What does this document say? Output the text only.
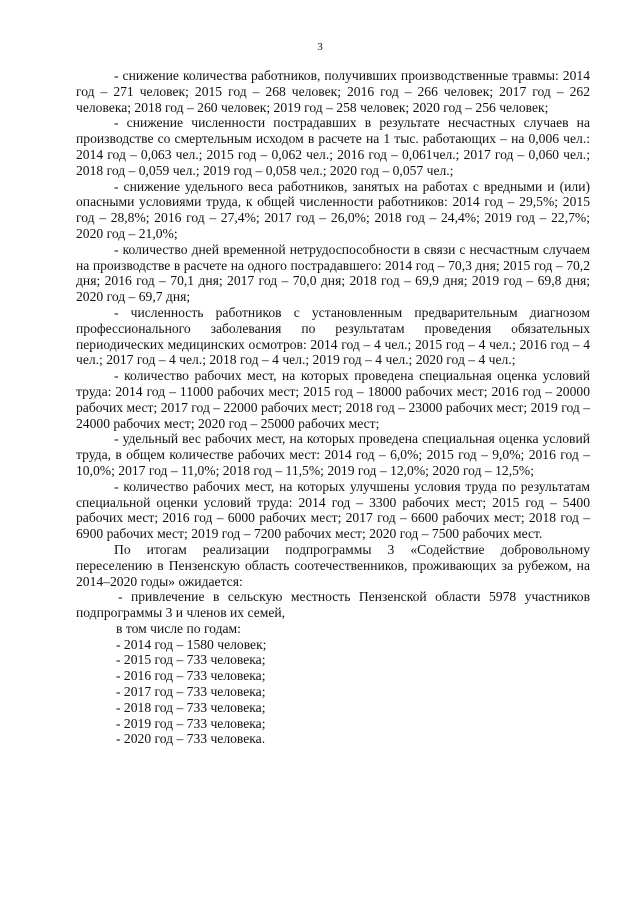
3

- снижение количества работников, получивших производственные травмы: 2014 год – 271 человек; 2015 год – 268 человек; 2016 год – 266 человек; 2017 год – 262 человека; 2018 год – 260 человек; 2019 год – 258 человек; 2020 год – 256 человек;

- снижение численности пострадавших в результате несчастных случаев на производстве со смертельным исходом в расчете на 1 тыс. работающих – на 0,006 чел.: 2014 год – 0,063 чел.; 2015 год – 0,062 чел.; 2016 год – 0,061чел.; 2017 год – 0,060 чел.; 2018 год – 0,059 чел.; 2019 год – 0,058 чел.; 2020 год – 0,057 чел.;

- снижение удельного веса работников, занятых на работах с вредными и (или) опасными условиями труда, к общей численности работников: 2014 год – 29,5%; 2015 год – 28,8%; 2016 год – 27,4%; 2017 год – 26,0%; 2018 год – 24,4%; 2019 год – 22,7%; 2020 год – 21,0%;

- количество дней временной нетрудоспособности в связи с несчастным случаем на производстве в расчете на одного пострадавшего: 2014 год – 70,3 дня; 2015 год – 70,2 дня; 2016 год – 70,1 дня; 2017 год – 70,0 дня; 2018 год – 69,9 дня; 2019 год – 69,8 дня; 2020 год – 69,7 дня;

- численность работников с установленным предварительным диагнозом профессионального заболевания по результатам проведения обязательных периодических медицинских осмотров: 2014 год – 4 чел.; 2015 год – 4 чел.; 2016 год – 4 чел.; 2017 год – 4 чел.; 2018 год – 4 чел.; 2019 год – 4 чел.; 2020 год – 4 чел.;

- количество рабочих мест, на которых проведена специальная оценка условий труда: 2014 год – 11000 рабочих мест; 2015 год – 18000 рабочих мест; 2016 год – 20000 рабочих мест; 2017 год – 22000 рабочих мест; 2018 год – 23000 рабочих мест; 2019 год – 24000 рабочих мест; 2020 год – 25000 рабочих мест;

- удельный вес рабочих мест, на которых проведена специальная оценка условий труда, в общем количестве рабочих мест: 2014 год – 6,0%; 2015 год – 9,0%; 2016 год – 10,0%; 2017 год – 11,0%; 2018 год – 11,5%; 2019 год – 12,0%; 2020 год – 12,5%;

- количество рабочих мест, на которых улучшены условия труда по результатам специальной оценки условий труда: 2014 год – 3300 рабочих мест; 2015 год – 5400 рабочих мест; 2016 год – 6000 рабочих мест; 2017 год – 6600 рабочих мест; 2018 год – 6900 рабочих мест; 2019 год – 7200 рабочих мест; 2020 год – 7500 рабочих мест.

По итогам реализации подпрограммы 3 «Содействие добровольному переселению в Пензенскую область соотечественников, проживающих за рубежом, на 2014–2020 годы» ожидается:

- привлечение в сельскую местность Пензенской области 5978 участников подпрограммы 3 и членов их семей,

в том числе по годам:

- 2014 год – 1580 человек;

- 2015 год – 733 человека;

- 2016 год – 733 человека;

- 2017 год – 733 человека;

- 2018 год – 733 человека;

- 2019 год – 733 человека;

- 2020 год – 733 человека.
